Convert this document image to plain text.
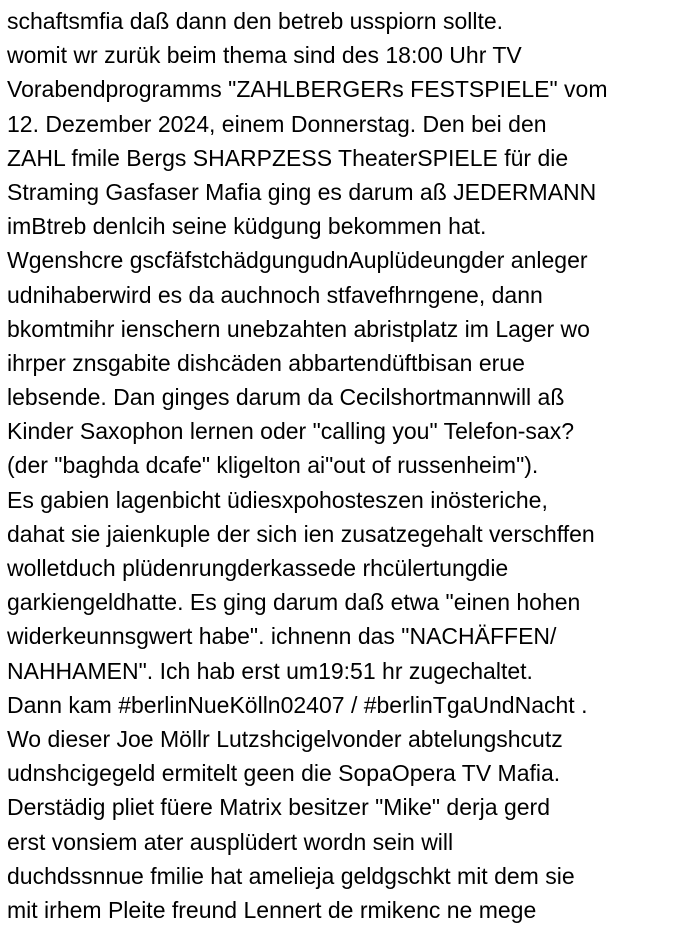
schaftsmfia daß dann den betreb usspiorn sollte.
womit wr zurük beim thema sind des 18:00 Uhr TV
Vorabendprogramms "ZAHLBERGERs FESTSPIELE" vom
12. Dezember 2024, einem Donnerstag. Den bei den
ZAHL fmile Bergs SHARPZESS TheaterSPIELE für die
Straming Gasfaser Mafia ging es darum aß JEDERMANN
imBtreb denlcih seine küdgung bekommen hat.
Wgenshcre gscfäfstchädgungudnAuplüdeungder anleger
udnihaberwird es da auchnoch stfavefhrngene, dann
bkomtmihr ienschern unebzahten abristplatz im Lager wo
ihrper znsgabite dishcäden abbartendüftbisan erue
lebsende. Dan ginges darum da Cecilshortmannwill aß
Kinder Saxophon lernen oder "calling you" Telefon-sax?
(der "baghda dcafe" kligelton ai"out of russenheim").
Es gabien lagenbicht üdiesxpohosteszen inösteriche,
dahat sie jaienkuple der sich ien zusatzegehalt verschffen
wolletduch plüdenrungderkassede rhcülertungdie
garkiengeldhatte. Es ging darum daß etwa "einen hohen
widerkeunnsgwert habe". ichnenn das "NACHÄFFEN/
NAHHAMEN". Ich hab erst um19:51 hr zugechaltet.
Dann kam #berlinNueKölln02407 / #berlinTgaUndNacht .
Wo dieser Joe Möllr Lutzshcigelvonder abtelungshcutz
udnshcigegeld ermitelt geen die SopaOpera TV Mafia.
Derstädig pliet füere Matrix besitzer "Mike" derja gerd
erst vonsiem ater ausplüdert wordn sein will
duchdssnnue fmilie hat amelieja geldgschkt mit dem sie
mit irhem Pleite freund Lennert de rmikenc ne mege
